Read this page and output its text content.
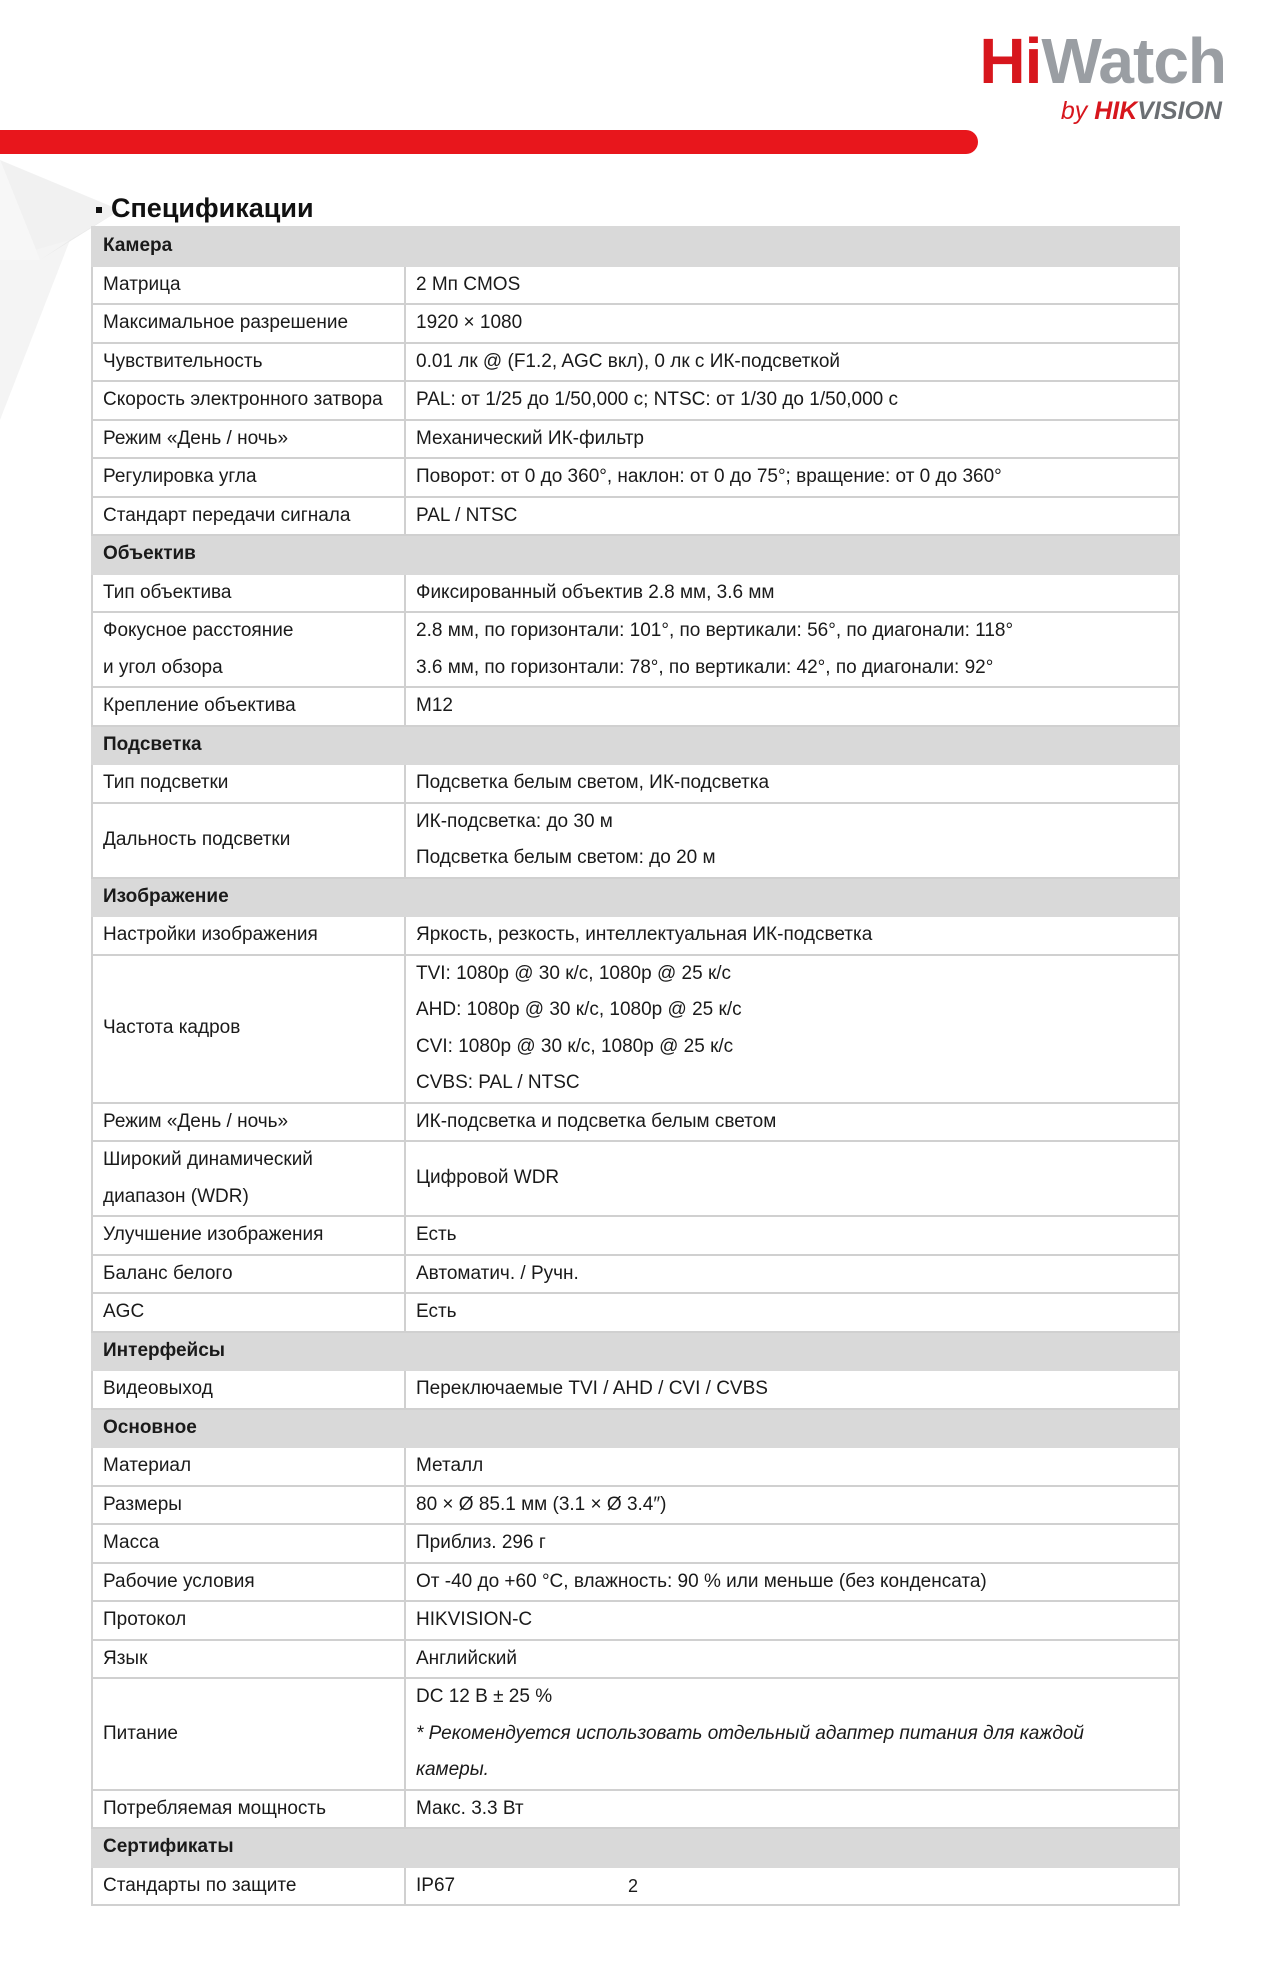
HiWatch
by HIKVISION
Спецификации
Камера	
Матрица	2 Мп CMOS
Максимальное разрешение	1920 × 1080
Чувствительность	0.01 лк @ (F1.2, AGC вкл), 0 лк с ИК-подсветкой
Скорость электронного затвора	PAL: от 1/25 до 1/50,000 с; NTSC: от 1/30 до 1/50,000 с
Режим «День / ночь»	Механический ИК-фильтр
Регулировка угла	Поворот: от 0 до 360°, наклон: от 0 до 75°; вращение: от 0 до 360°
Стандарт передачи сигнала	PAL / NTSC
Объектив	
Тип объектива	Фиксированный объектив 2.8 мм, 3.6 мм

Фокусное расстояние
и угол обзора	2.8 мм, по горизонтали: 101°, по вертикали: 56°, по диагонали: 118°
3.6 мм, по горизонтали: 78°, по вертикали: 42°, по диагонали: 92°

Крепление объектива	M12
Подсветка	
Тип подсветки	Подсветка белым светом, ИК-подсветка
Дальность подсветки	ИК-подсветка: до 30 м
Подсветка белым светом: до 20 м

Изображение	
Настройки изображения	Яркость, резкость, интеллектуальная ИК-подсветка
Частота кадров	TVI: 1080p @ 30 к/с, 1080p @ 25 к/с
AHD: 1080p @ 30 к/с, 1080p @ 25 к/с
CVI: 1080p @ 30 к/с, 1080p @ 25 к/с
CVBS: PAL / NTSC

Режим «День / ночь»	ИК-подсветка и подсветка белым светом

Широкий динамический
диапазон (WDR)	Цифровой WDR
Улучшение изображения	Есть
Баланс белого	Автоматич. / Ручн.
AGC	Есть
Интерфейсы	
Видеовыход	Переключаемые TVI / AHD / CVI / CVBS
Основное	
Материал	Металл
Размеры	80 × Ø 85.1 мм (3.1 × Ø 3.4″)
Масса	Приблиз. 296 г
Рабочие условия	От -40 до +60 °C, влажность: 90 % или меньше (без конденсата)
Протокол	HIKVISION-C
Язык	Английский
Питание	DC 12 В ± 25 %
* Рекомендуется использовать отдельный адаптер питания для каждой
камеры.

Потребляемая мощность	Макс. 3.3 Вт
Сертификаты	
Стандарты по защите	IP67	2
